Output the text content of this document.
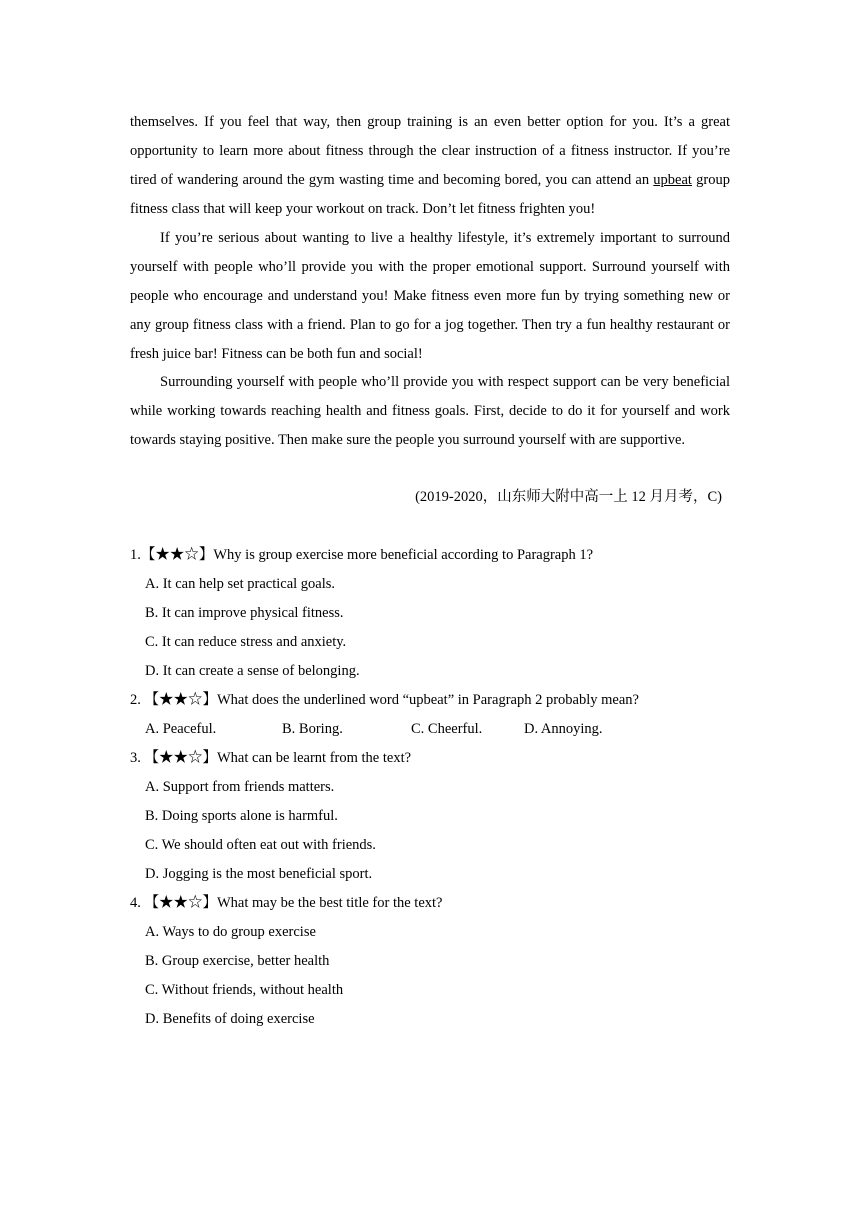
themselves. If you feel that way, then group training is an even better option for you. It’s a great opportunity to learn more about fitness through the clear instruction of a fitness instructor. If you’re tired of wandering around the gym wasting time and becoming bored, you can attend an upbeat group fitness class that will keep your workout on track. Don’t let fitness frighten you!

If you’re serious about wanting to live a healthy lifestyle, it’s extremely important to surround yourself with people who’ll provide you with the proper emotional support. Surround yourself with people who encourage and understand you! Make fitness even more fun by trying something new or any group fitness class with a friend. Plan to go for a jog together. Then try a fun healthy restaurant or fresh juice bar! Fitness can be both fun and social!

Surrounding yourself with people who’ll provide you with respect support can be very beneficial while working towards reaching health and fitness goals. First, decide to do it for yourself and work towards staying positive. Then make sure the people you surround yourself with are supportive.

(2019-2020，山东师大附中高一上 12 月月考，C)
1.【★★☆】Why is group exercise more beneficial according to Paragraph 1?
A. It can help set practical goals.
B. It can improve physical fitness.
C. It can reduce stress and anxiety.
D. It can create a sense of belonging.
2. 【★★☆】What does the underlined word “upbeat” in Paragraph 2 probably mean?
A. Peaceful.	B. Boring.	C. Cheerful.	D. Annoying.
3. 【★★☆】What can be learnt from the text?
A. Support from friends matters.
B. Doing sports alone is harmful.
C. We should often eat out with friends.
D. Jogging is the most beneficial sport.
4. 【★★☆】What may be the best title for the text?
A. Ways to do group exercise
B. Group exercise, better health
C. Without friends, without health
D. Benefits of doing exercise
